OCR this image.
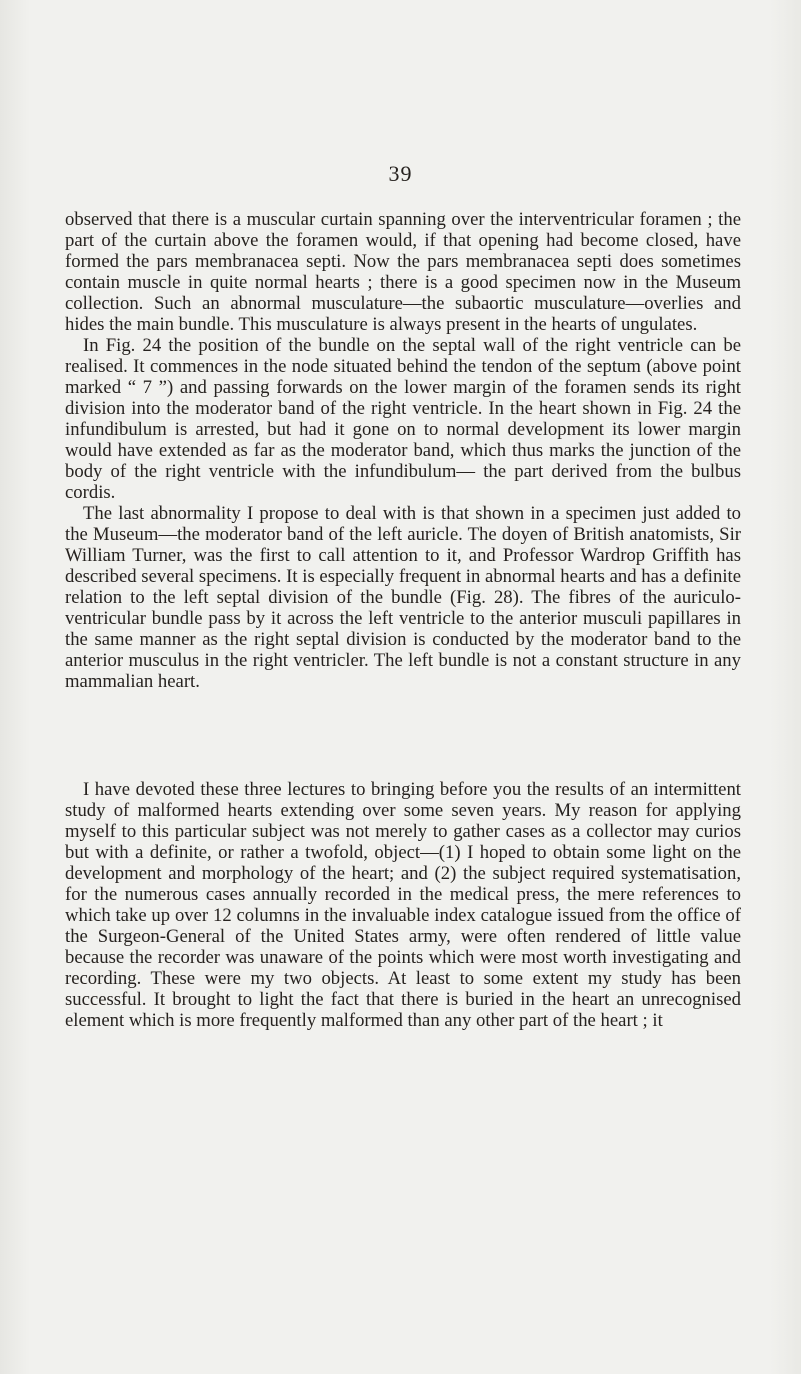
39

observed that there is a muscular curtain spanning over the interventricular foramen ; the part of the curtain above the foramen would, if that opening had become closed, have formed the pars membranacea septi. Now the pars membranacea septi does sometimes contain muscle in quite normal hearts ; there is a good specimen now in the Museum collection. Such an abnormal musculature—the subaortic musculature—overlies and hides the main bundle. This musculature is always present in the hearts of ungulates.

In Fig. 24 the position of the bundle on the septal wall of the right ventricle can be realised. It commences in the node situated behind the tendon of the septum (above point marked “ 7 ”) and passing forwards on the lower margin of the foramen sends its right division into the moderator band of the right ventricle. In the heart shown in Fig. 24 the infundibulum is arrested, but had it gone on to normal development its lower margin would have extended as far as the moderator band, which thus marks the junction of the body of the right ventricle with the infundibulum— the part derived from the bulbus cordis.

The last abnormality I propose to deal with is that shown in a specimen just added to the Museum—the moderator band of the left auricle. The doyen of British anatomists, Sir William Turner, was the first to call attention to it, and Professor Wardrop Griffith has described several specimens. It is especially frequent in abnormal hearts and has a definite relation to the left septal division of the bundle (Fig. 28). The fibres of the auriculo-ventricular bundle pass by it across the left ventricle to the anterior musculi papillares in the same manner as the right septal division is conducted by the moderator band to the anterior musculus in the right ventricler. The left bundle is not a constant structure in any mammalian heart.

I have devoted these three lectures to bringing before you the results of an intermittent study of malformed hearts extending over some seven years. My reason for applying myself to this particular subject was not merely to gather cases as a collector may curios but with a definite, or rather a twofold, object—(1) I hoped to obtain some light on the development and morphology of the heart; and (2) the subject required systematisation, for the numerous cases annually recorded in the medical press, the mere references to which take up over 12 columns in the invaluable index catalogue issued from the office of the Surgeon-General of the United States army, were often rendered of little value because the recorder was unaware of the points which were most worth investigating and recording. These were my two objects. At least to some extent my study has been successful. It brought to light the fact that there is buried in the heart an unrecognised element which is more frequently malformed than any other part of the heart ; it
